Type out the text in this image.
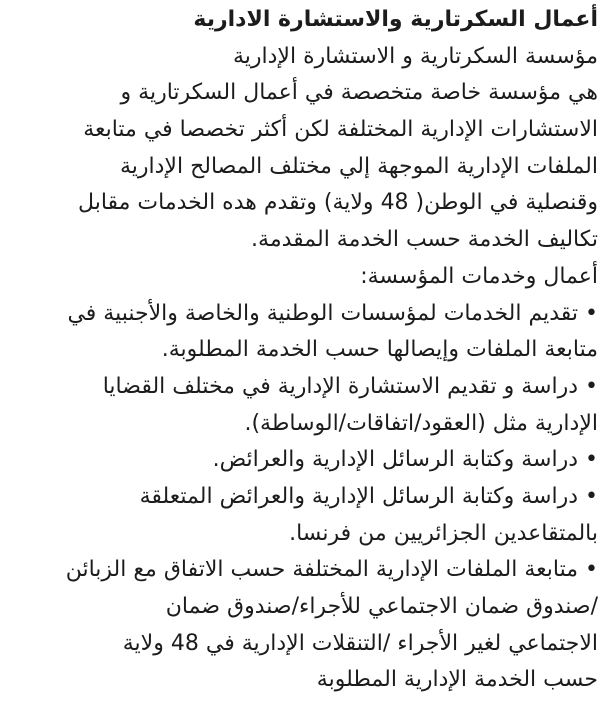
أعمال السكرتارية والاستشارة الادارية
مؤسسة السكرتارية و الاستشارة الإدارية
هي مؤسسة خاصة متخصصة في أعمال السكرتارية و
الاستشارات الإدارية المختلفة لكن أكثر تخصصا في متابعة
الملفات الإدارية الموجهة إلي مختلف المصالح الإدارية
وقنصلية في الوطن( 48 ولاية) وتقدم هده الخدمات مقابل
تكاليف الخدمة حسب الخدمة المقدمة.
أعمال وخدمات المؤسسة:
• تقديم الخدمات لمؤسسات الوطنية والخاصة والأجنبية في
متابعة الملفات وإيصالها حسب الخدمة المطلوبة.
• دراسة و تقديم الاستشارة الإدارية في مختلف القضايا
الإدارية مثل (العقود/اتفاقات/الوساطة).
• دراسة وكتابة الرسائل الإدارية والعرائض.
• دراسة وكتابة الرسائل الإدارية والعرائض المتعلقة
بالمتقاعدين الجزائريين من فرنسا.
• متابعة الملفات الإدارية المختلفة حسب الاتفاق مع الزبائن
/صندوق ضمان الاجتماعي للأجراء/صندوق ضمان
الاجتماعي لغير الأجراء /التنقلات الإدارية في 48 ولاية
حسب الخدمة الإدارية المطلوبة
